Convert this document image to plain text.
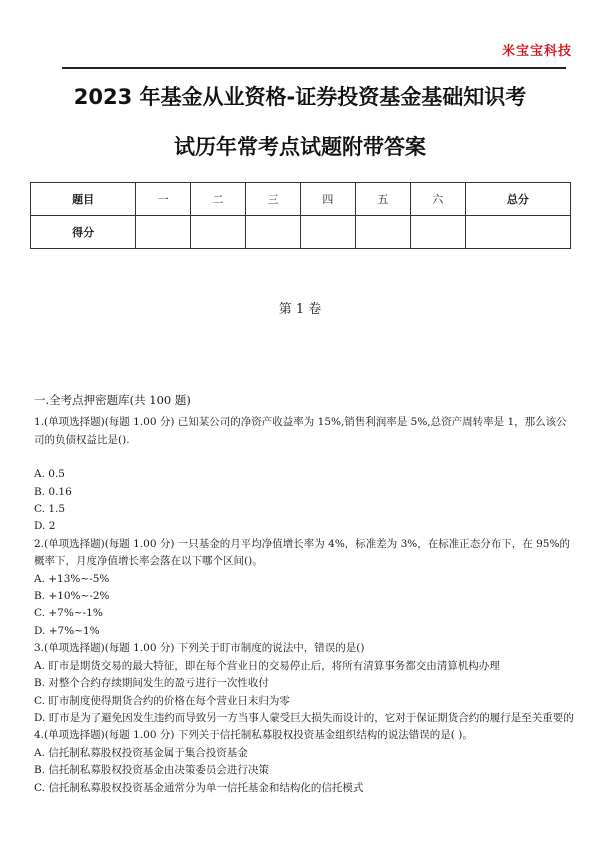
米宝宝科技
2023 年基金从业资格-证券投资基金基础知识考
试历年常考点试题附带答案
题目	一	二	三	四	五	六	总分
得分							
第 1 卷
一.全考点押密题库(共 100 题)

1.(单项选择题)(每题 1.00 分) 已知某公司的净资产收益率为 15%,销售利润率是 5%,总资产周转率是 1，那么该公司的负债权益比是().

A. 0.5

B. 0.16

C. 1.5

D. 2

2.(单项选择题)(每题 1.00 分) 一只基金的月平均净值增长率为 4%，标准差为 3%，在标准正态分布下，在 95%的概率下，月度净值增长率会落在以下哪个区间()。

A. +13%~-5%

B. +10%~-2%

C. +7%~-1%

D. +7%~1%

3.(单项选择题)(每题 1.00 分) 下列关于盯市制度的说法中，错误的是()

A. 盯市是期货交易的最大特征，即在每个营业日的交易停止后，将所有清算事务都交由清算机构办理

B. 对整个合约存续期间发生的盈亏进行一次性收付

C. 盯市制度使得期货合约的价格在每个营业日末归为零

D. 盯市是为了避免因发生违约而导致另一方当事人蒙受巨大损失而设计的，它对于保证期货合约的履行是至关重要的

4.(单项选择题)(每题 1.00 分) 下列关于信托制私募股权投资基金组织结构的说法错误的是( )。

A. 信托制私募股权投资基金属于集合投资基金

B. 信托制私募股权投资基金由决策委员会进行决策

C. 信托制私募股权投资基金通常分为单一信托基金和结构化的信托模式
